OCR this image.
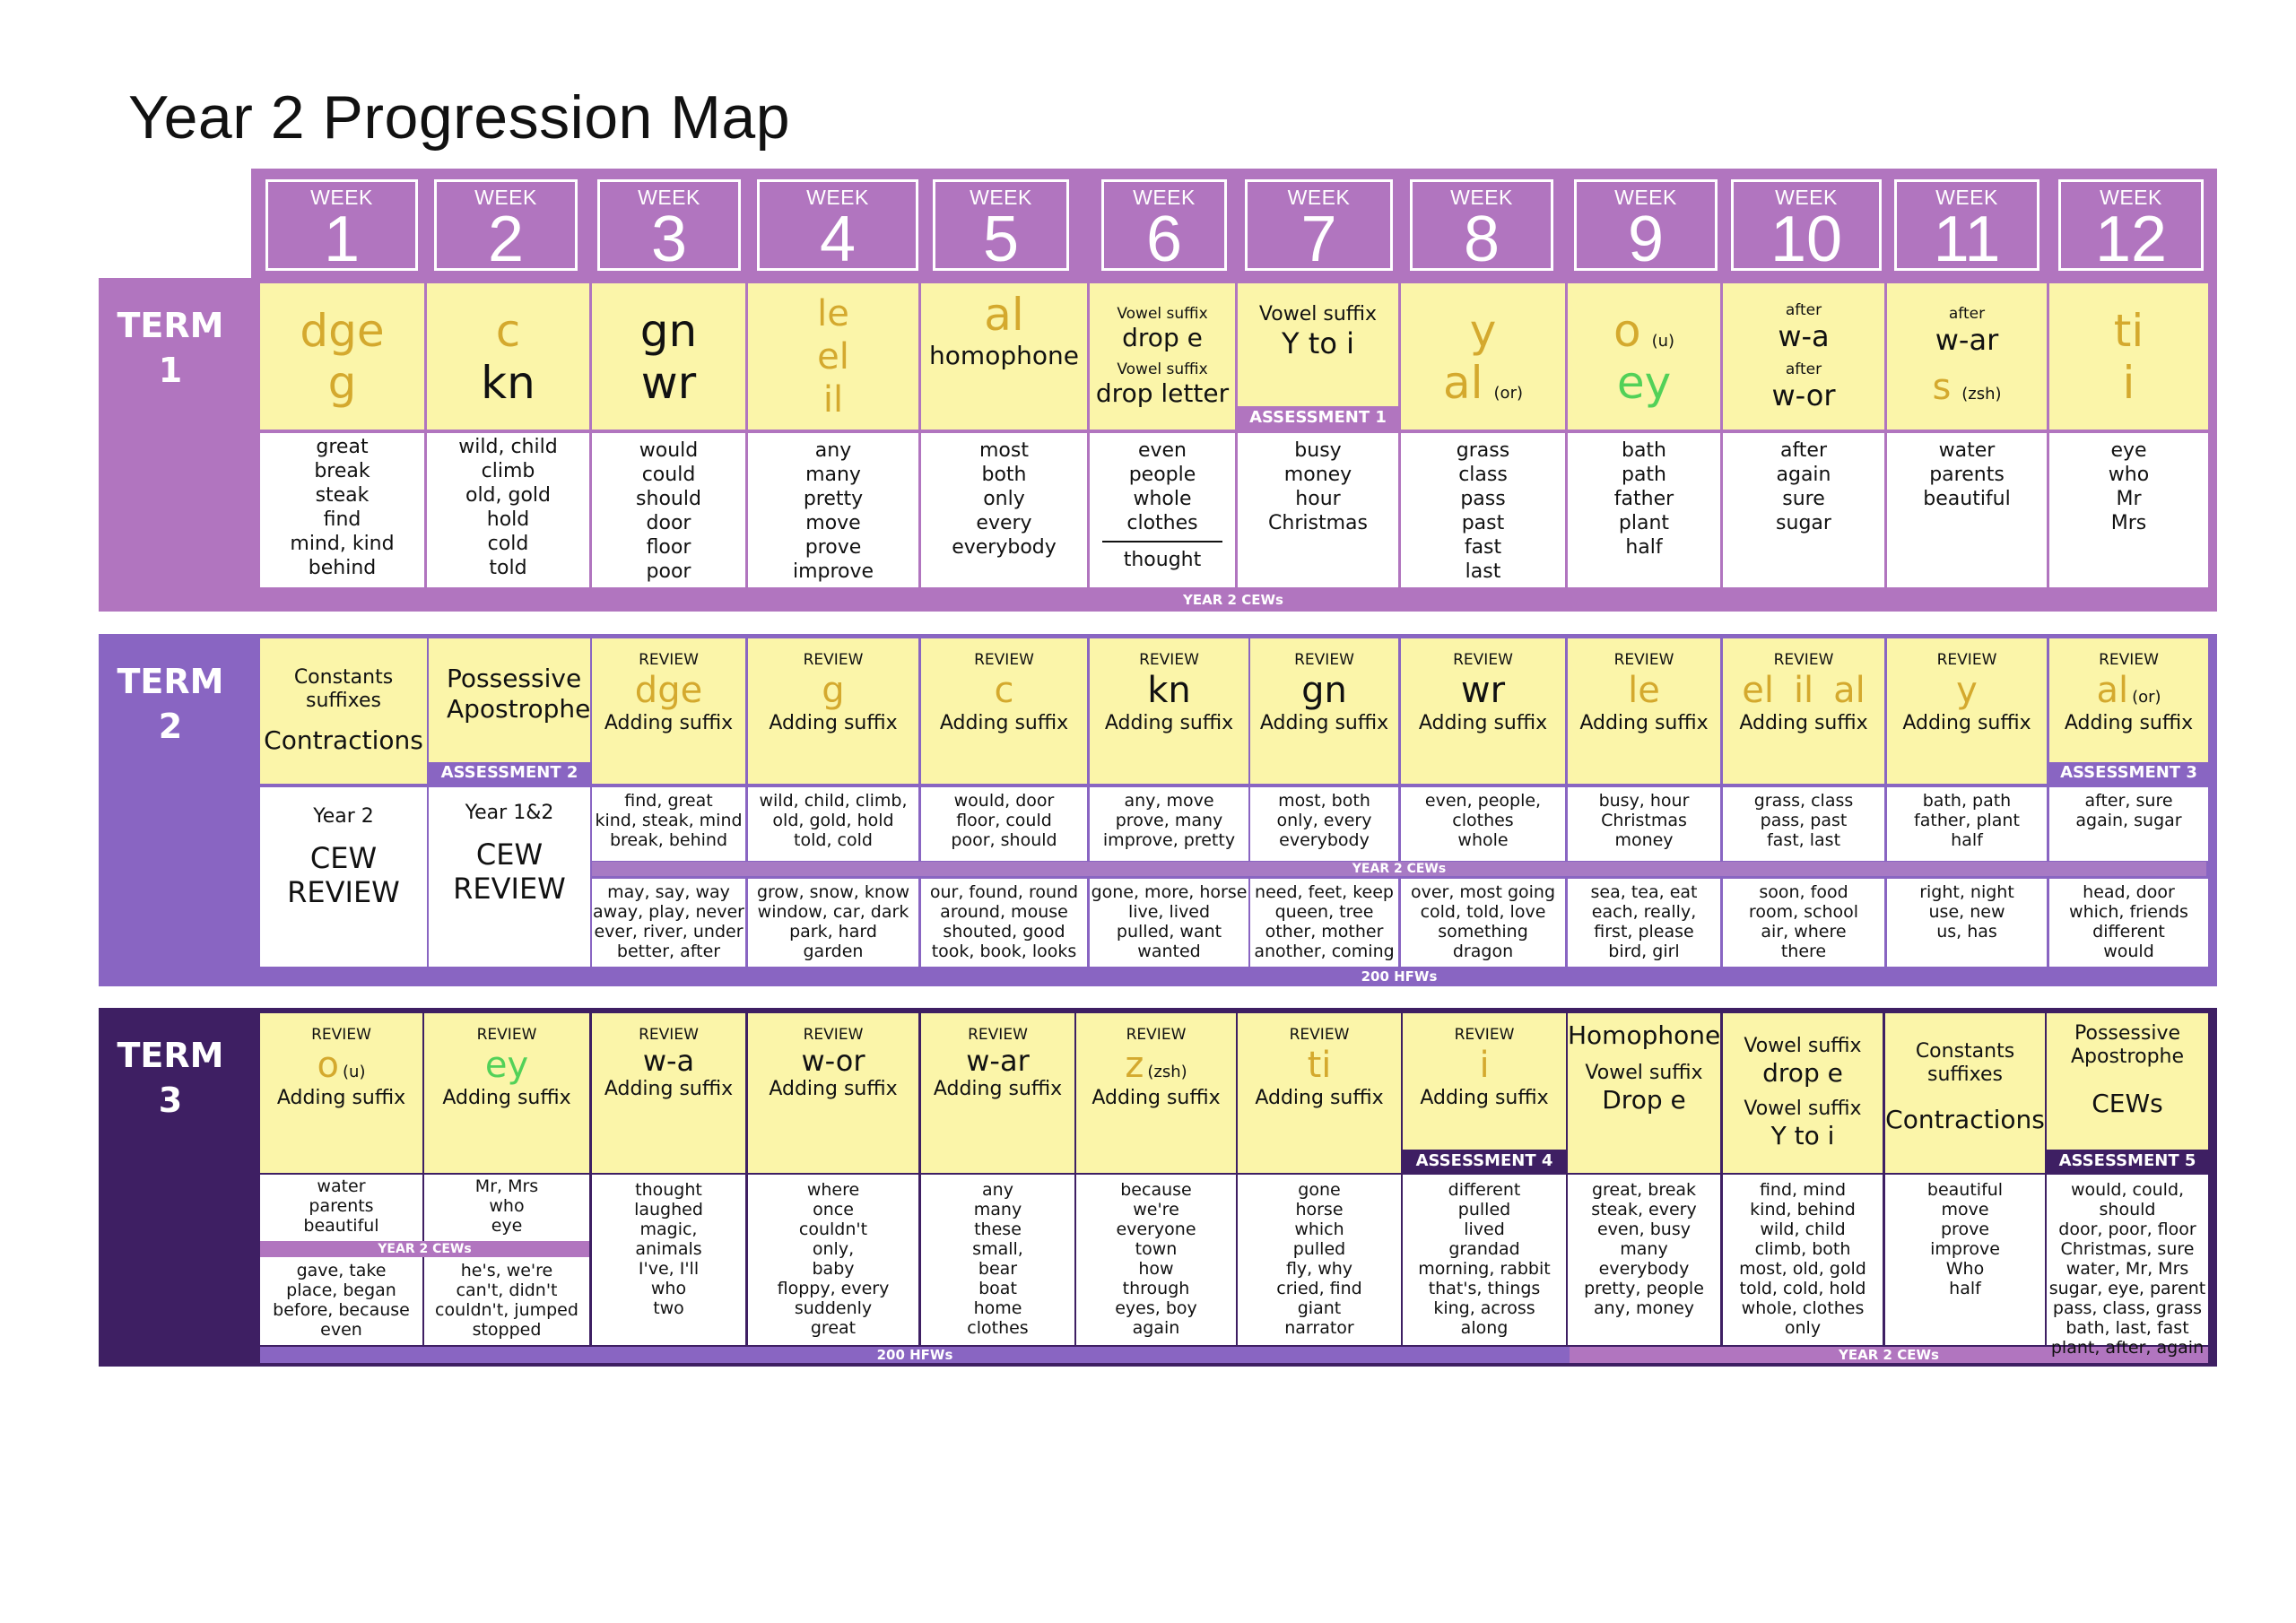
Year 2 Progression Map
WEEK
1
WEEK
2
WEEK
3
WEEK
4
WEEK
5
WEEK
6
WEEK
7
WEEK
8
WEEK
9
WEEK
10
WEEK
11
WEEK
12
TERM
1
YEAR 2 CEWs
dge
g
great
break
steak
find
mind, kind
behind
c
kn
wild, child
climb
old, gold
hold
cold
told
gn
wr
would
could
should
door
floor
poor
le
el
il
any
many
pretty
move
prove
improve
al
homophone
most
both
only
every
everybody
Vowel suffix
drop e
Vowel suffix
drop letter
even
people
whole
clothes
thought
Vowel suffix
Y to i
ASSESSMENT 1
busy
money
hour
Christmas
y
al (or)
grass
class
pass
past
fast
last
o (u)
ey
bath
path
father
plant
half
after
w-a
after
w-or
after
again
sure
sugar
after
w-ar
s (zsh)
water
parents
beautiful
ti
i
eye
who
Mr
Mrs
TERM
2
YEAR 2 CEWs
200 HFWs
Constants suffixes
Contractions
Year 2
CEW REVIEW
Possessive Apostrophe
ASSESSMENT 2
Year 1&2
CEW REVIEW
REVIEW
dge
Adding suffix
find, great
kind, steak, mind
break, behind
may, say, way
away, play, never
ever, river, under
better, after
REVIEW
g
Adding suffix
wild, child, climb,
old, gold, hold
told, cold
grow, snow, know
window, car, dark
park, hard
garden
REVIEW
c
Adding suffix
would, door
floor, could
poor, should
our, found, round
around, mouse
shouted, good
took, book, looks
REVIEW
kn
Adding suffix
any, move
prove, many
improve, pretty
gone, more, horse
live, lived
pulled, want
wanted
REVIEW
gn
Adding suffix
most, both
only, every
everybody
need, feet, keep
queen, tree
other, mother
another, coming
REVIEW
wr
Adding suffix
even, people,
clothes
whole
over, most going
cold, told, love
something
dragon
REVIEW
le
Adding suffix
busy, hour
Christmas
money
sea, tea, eat
each, really,
first, please
bird, girl
REVIEW
el il al
Adding suffix
grass, class
pass, past
fast, last
soon, food
room, school
air, where
there
REVIEW
y
Adding suffix
bath, path
father, plant
half
right, night
use, new
us, has
REVIEW
al (or)
Adding suffix
ASSESSMENT 3
after, sure
again, sugar
head, door
which, friends
different
would
TERM
3
200 HFWs	YEAR 2 CEWs
REVIEW
o (u)
Adding suffix
water
parents
beautiful
gave, take
place, began
before, because
even
REVIEW
ey
Adding suffix
Mr, Mrs
who
eye
he's, we're
can't, didn't
couldn't, jumped
stopped
REVIEW
w-a
Adding suffix
thought
laughed
magic,
animals
I've, I'll
who
two
REVIEW
w-or
Adding suffix
where
once
couldn't
only,
baby
floppy, every
suddenly
great
REVIEW
w-ar
Adding suffix
any
many
these
small,
bear
boat
home
clothes
REVIEW
z (zsh)
Adding suffix
because
we're
everyone
town
how
through
eyes, boy
again
REVIEW
ti
Adding suffix
gone
horse
which
pulled
fly, why
cried, find
giant
narrator
REVIEW
i
Adding suffix
ASSESSMENT 4
different
pulled
lived
grandad
morning, rabbit
that's, things
king, across
along
Homophone
Vowel suffix
Drop e
great, break
steak, every
even, busy
many
everybody
pretty, people
any, money
Vowel suffix
drop e
Vowel suffix
Y to i
find, mind
kind, behind
wild, child
climb, both
most, old, gold
told, cold, hold
whole, clothes
only
Constants suffixes
Contractions
beautiful
move
prove
improve
Who
half
Possessive Apostrophe
CEWs
ASSESSMENT 5
would, could, should
door, poor, floor
Christmas, sure
water, Mr, Mrs
sugar, eye, parent
pass, class, grass
bath, last, fast
plant, after, again
YEAR 2 CEWs
